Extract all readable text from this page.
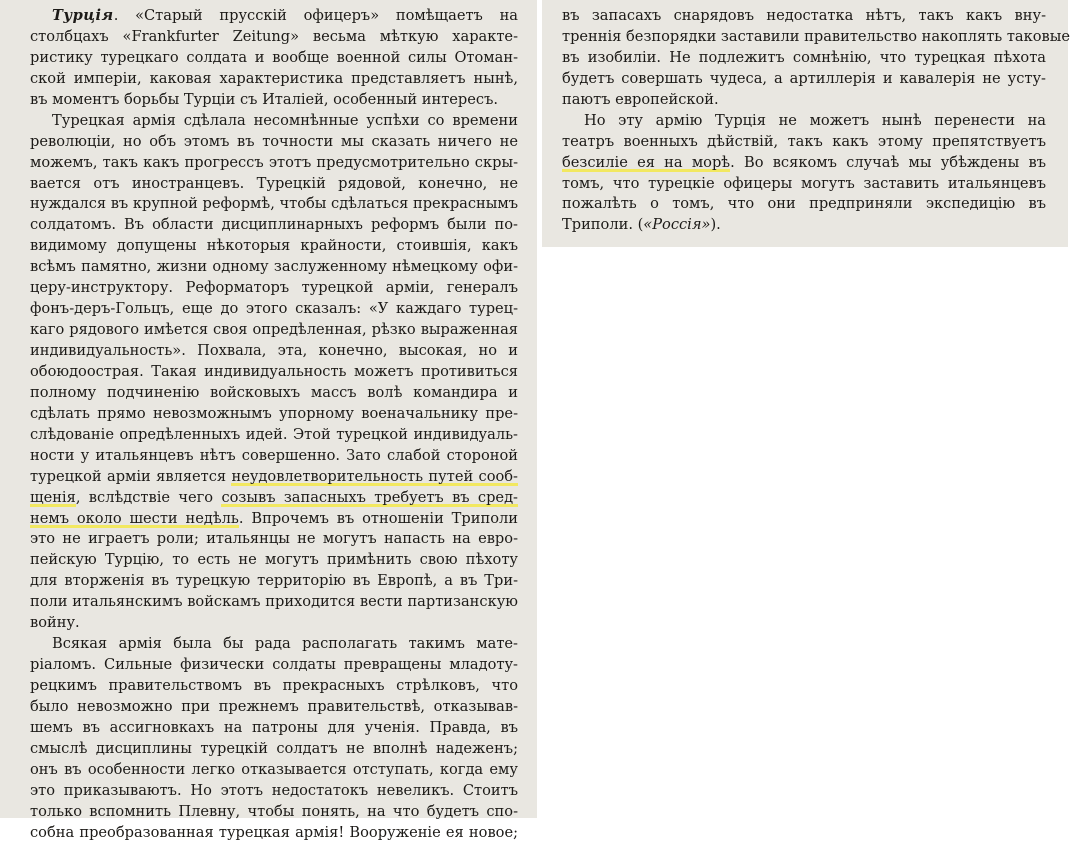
Турція. «Старый прусскій офицеръ» помѣщаетъ на
столбцахъ «Frankfurter Zeitung» весьма мѣткую характе-
ристику турецкаго солдата и вообще военной силы Отоман-
ской имперіи, каковая характеристика представляетъ нынѣ,
въ моментъ борьбы Турціи съ Италіей, особенный интересъ.
Турецкая армія сдѣлала несомнѣнные успѣхи со времени
революціи, но объ этомъ въ точности мы сказать ничего не
можемъ, такъ какъ прогрессъ этотъ предусмотрительно скры-
вается отъ иностранцевъ. Турецкій рядовой, конечно, не
нуждался въ крупной реформѣ, чтобы сдѣлаться прекраснымъ
солдатомъ. Въ области дисциплинарныхъ реформъ были по-
видимому допущены нѣкоторыя крайности, стоившія, какъ
всѣмъ памятно, жизни одному заслуженному нѣмецкому офи-
церу-инструктору. Реформаторъ турецкой арміи, генералъ
фонъ-деръ-Гольцъ, еще до этого сказалъ: «У каждаго турец-
каго рядового имѣется своя опредѣленная, рѣзко выраженная
индивидуальность». Похвала, эта, конечно, высокая, но и
обоюдоострая. Такая индивидуальность можетъ противиться
полному подчиненію войсковыхъ массъ волѣ командира и
сдѣлать прямо невозможнымъ упорному военачальнику пре-
слѣдованіе опредѣленныхъ идей. Этой турецкой индивидуаль-
ности у итальянцевъ нѣтъ совершенно. Зато слабой стороной
турецкой арміи является неудовлетворительность путей сооб-
щенія, вслѣдствіе чего созывъ запасныхъ требуетъ въ сред-
немъ около шести недѣль. Впрочемъ въ отношеніи Триполи
это не играетъ роли; итальянцы не могутъ напасть на евро-
пейскую Турцію, то есть не могутъ примѣнить свою пѣхоту
для вторженія въ турецкую территорію въ Европѣ, а въ Три-
поли итальянскимъ войскамъ приходится вести партизанскую
войну.
Всякая армія была бы рада располагать такимъ мате-
ріаломъ. Сильные физически солдаты превращены младоту-
рецкимъ правительствомъ въ прекрасныхъ стрѣлковъ, что
было невозможно при прежнемъ правительствѣ, отказывав-
шемъ въ ассигновкахъ на патроны для ученія. Правда, въ
смыслѣ дисциплины турецкій солдатъ не вполнѣ надеженъ;
онъ въ особенности легко отказывается отступать, когда ему
это приказываютъ. Но этотъ недостатокъ невеликъ. Стоитъ
только вспомнить Плевну, чтобы понять, на что будетъ спо-
собна преобразованная турецкая армія! Вооруженіе ея новое;
въ запасахъ снарядовъ недостатка нѣтъ, такъ какъ вну-
треннія безпорядки заставили правительство накоплять таковые
въ изобиліи. Не подлежитъ сомнѣнію, что турецкая пѣхота
будетъ совершать чудеса, а артиллерія и кавалерія не усту-
паютъ европейской.
Но эту армію Турція не можетъ нынѣ перенести на
театръ военныхъ дѣйствій, такъ какъ этому препятствуетъ
безсиліе ея на морѣ. Во всякомъ случаѣ мы убѣждены въ
томъ, что турецкіе офицеры могутъ заставить итальянцевъ
пожалѣть о томъ, что они предприняли экспедицію въ
Триполи. («Россія»).
